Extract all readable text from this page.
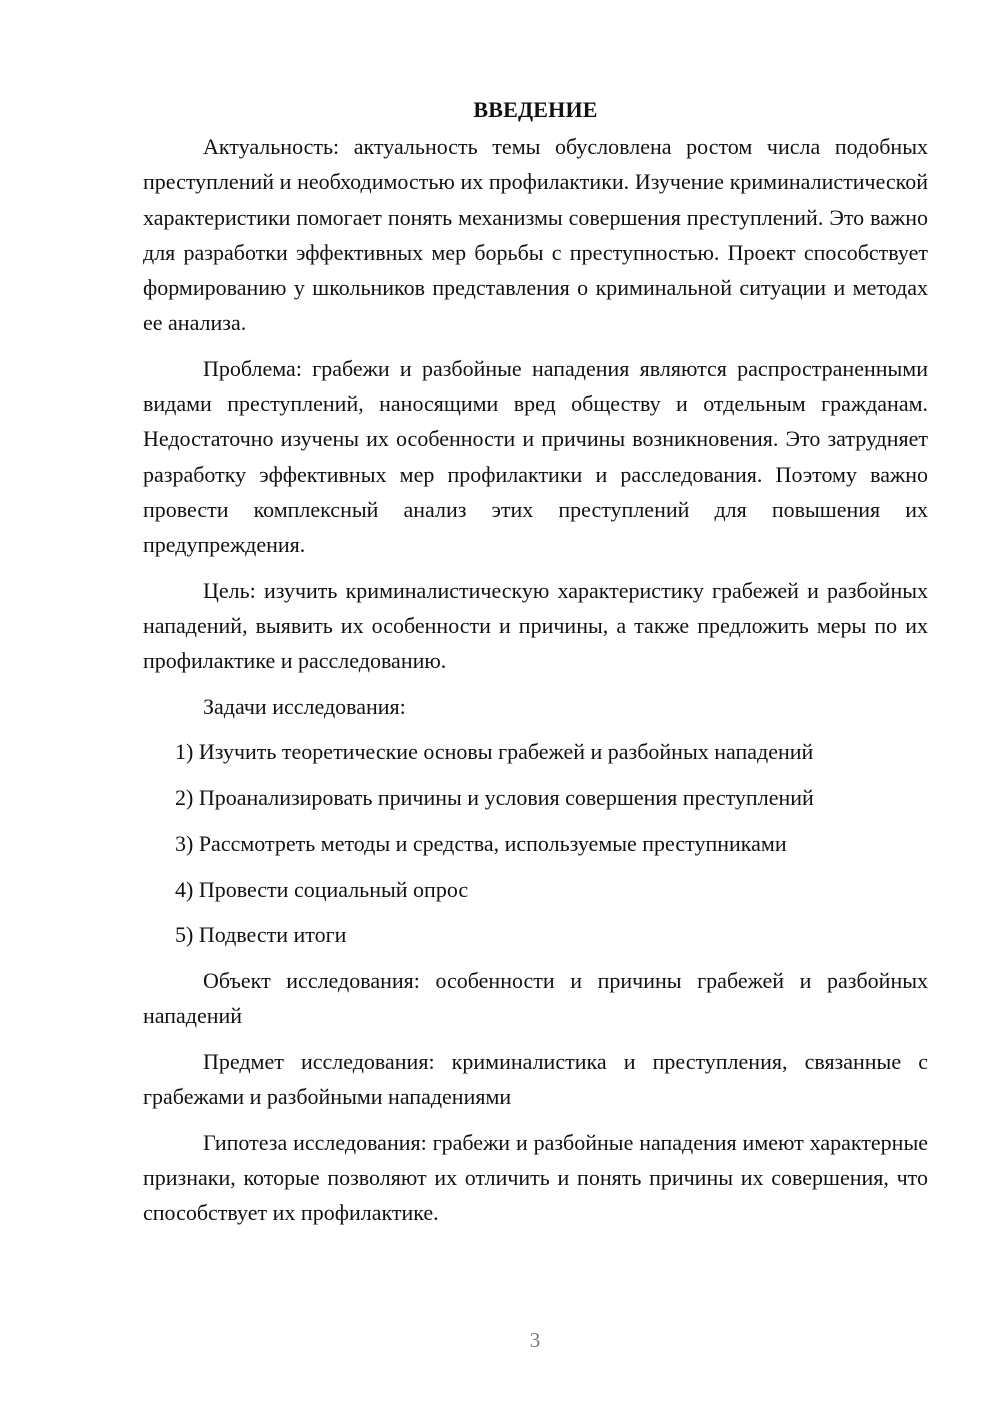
ВВЕДЕНИЕ

Актуальность: актуальность темы обусловлена ростом числа подобных преступлений и необходимостью их профилактики. Изучение криминалистической характеристики помогает понять механизмы совершения преступлений. Это важно для разработки эффективных мер борьбы с преступностью. Проект способствует формированию у школьников представления о криминальной ситуации и методах ее анализа.

Проблема: грабежи и разбойные нападения являются распространенными видами преступлений, наносящими вред обществу и отдельным гражданам. Недостаточно изучены их особенности и причины возникновения. Это затрудняет разработку эффективных мер профилактики и расследования. Поэтому важно провести комплексный анализ этих преступлений для повышения их предупреждения.

Цель: изучить криминалистическую характеристику грабежей и разбойных нападений, выявить их особенности и причины, а также предложить меры по их профилактике и расследованию.

Задачи исследования:

1) Изучить теоретические основы грабежей и разбойных нападений
2) Проанализировать причины и условия совершения преступлений
3) Рассмотреть методы и средства, используемые преступниками
4) Провести социальный опрос
5) Подвести итоги

Объект исследования: особенности и причины грабежей и разбойных нападений

Предмет исследования: криминалистика и преступления, связанные с грабежами и разбойными нападениями

Гипотеза исследования: грабежи и разбойные нападения имеют характерные признаки, которые позволяют их отличить и понять причины их совершения, что способствует их профилактике.

3
